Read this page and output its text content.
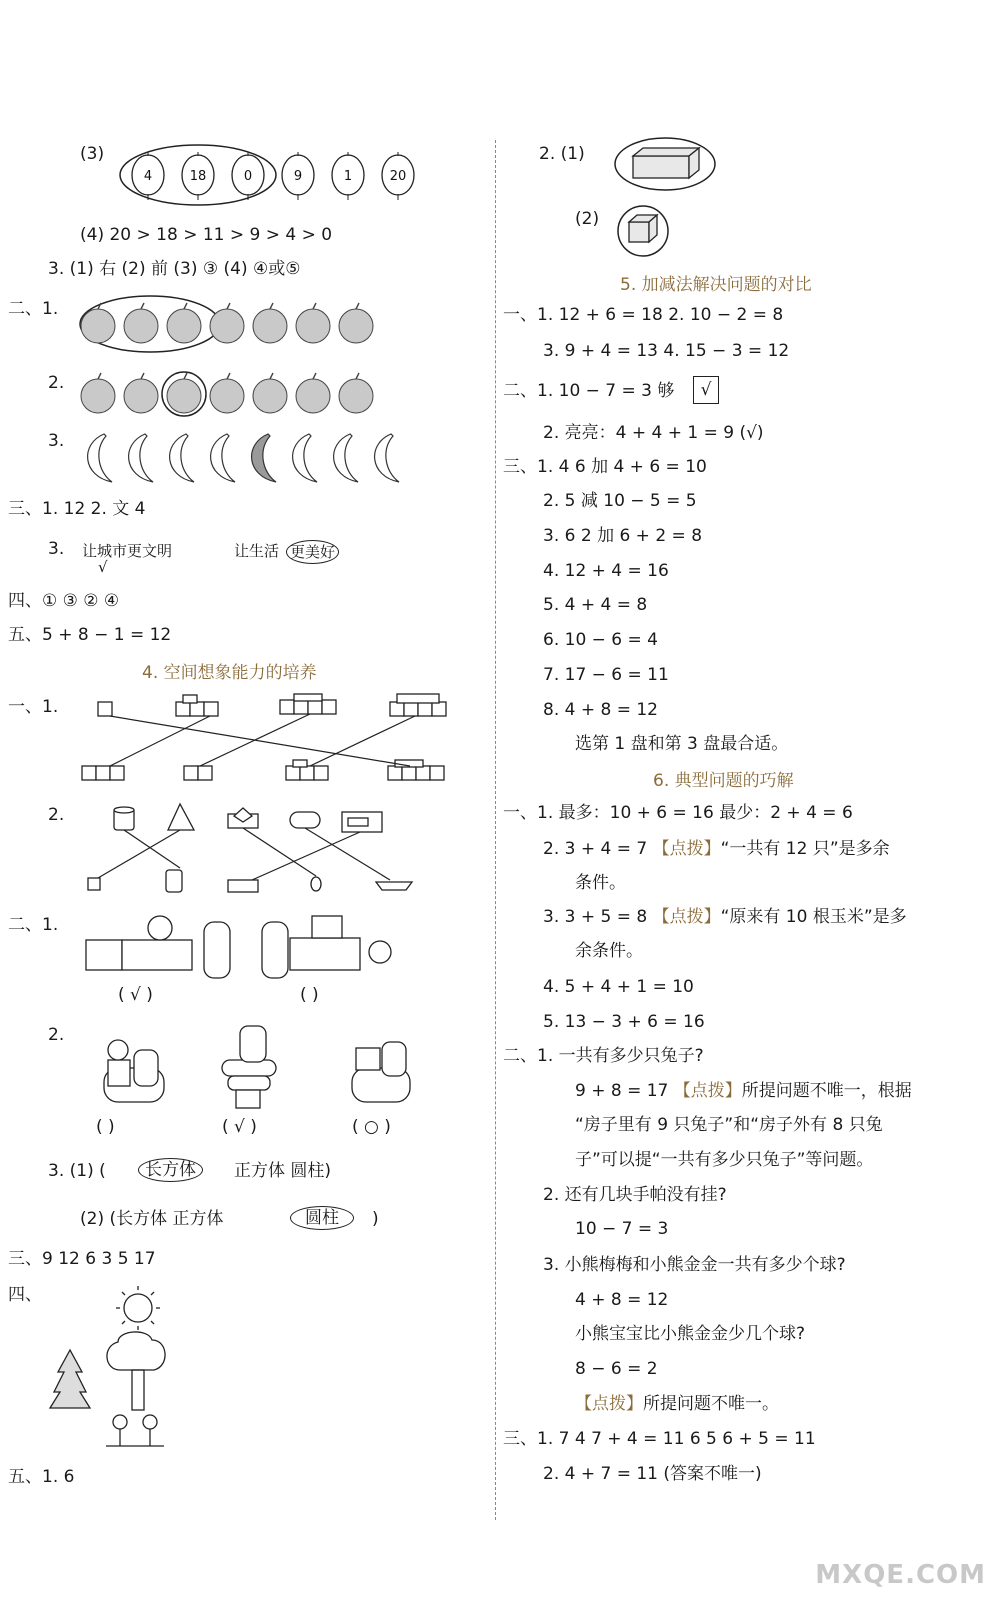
(3)
4	18	0	9	1	20
(4) 20 > 18 > 11 > 9 > 4 > 0
3. (1) 右 (2) 前 (3) ③ (4) ④或⑤
二、1.
2.
3.
三、1. 12 2. 文 4
3. 让城市更文明
√
让生活 更美好
四、① ③ ② ④
五、5 + 8 − 1 = 12
4. 空间想象能力的培养
一、1.
2.
二、1.
( √ )	( )
2.
( )	( √ )	( ○ )
3. (1) (	长方体	正方体 圆柱)
(2) (长方体 正方体	圆柱	)
三、9 12 6 3 5 17
四、
五、1. 6
2. (1)
(2)
5. 加减法解决问题的对比
一、1. 12 + 6 = 18 2. 10 − 2 = 8
3. 9 + 4 = 13 4. 15 − 3 = 12
二、1. 10 − 7 = 3 够	√
2. 亮亮：4 + 4 + 1 = 9 (√)
三、1. 4 6 加 4 + 6 = 10
2. 5 减 10 − 5 = 5
3. 6 2 加 6 + 2 = 8
4. 12 + 4 = 16
5. 4 + 4 = 8
6. 10 − 6 = 4
7. 17 − 6 = 11
8. 4 + 8 = 12
选第 1 盘和第 3 盘最合适。
6. 典型问题的巧解
一、1. 最多：10 + 6 = 16 最少：2 + 4 = 6
2. 3 + 4 = 7 【点拨】“一共有 12 只”是多余
条件。
3. 3 + 5 = 8 【点拨】“原来有 10 根玉米”是多
余条件。
4. 5 + 4 + 1 = 10
5. 13 − 3 + 6 = 16
二、1. 一共有多少只兔子?
9 + 8 = 17 【点拨】所提问题不唯一，根据
“房子里有 9 只兔子”和“房子外有 8 只兔
子”可以提“一共有多少只兔子”等问题。
2. 还有几块手帕没有挂?
10 − 7 = 3
3. 小熊梅梅和小熊金金一共有多少个球?
4 + 8 = 12
小熊宝宝比小熊金金少几个球?
8 − 6 = 2
【点拨】所提问题不唯一。
三、1. 7 4 7 + 4 = 11 6 5 6 + 5 = 11
2. 4 + 7 = 11 (答案不唯一)
MXQE.COM
